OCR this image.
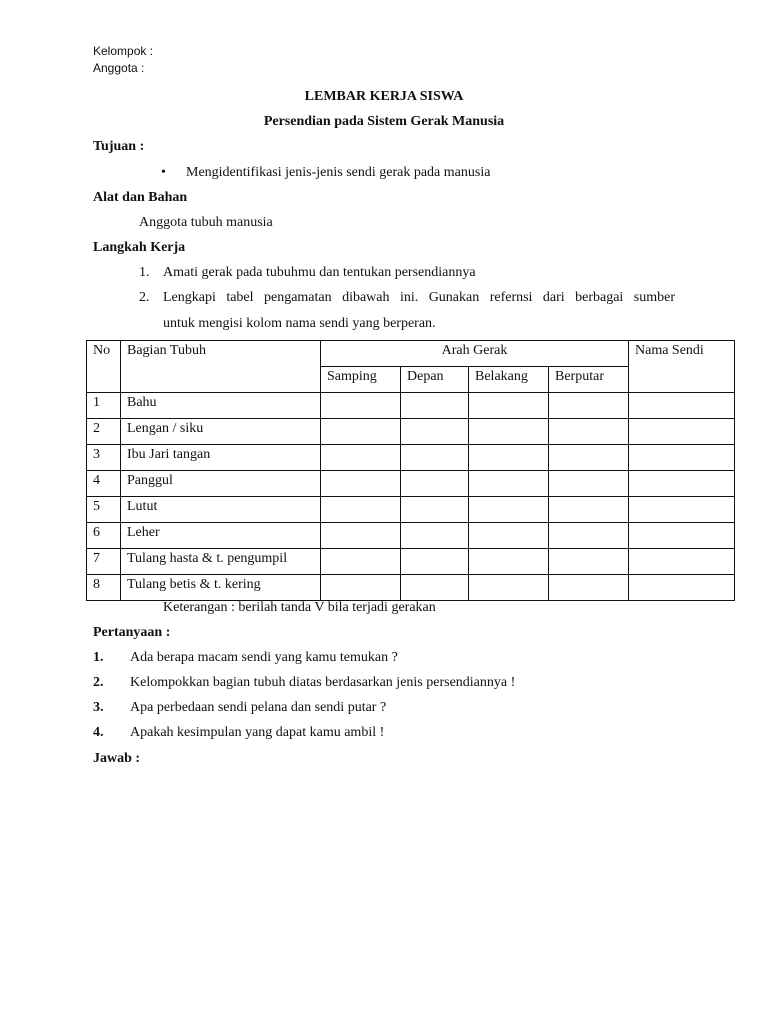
Kelompok :
Anggota :
LEMBAR KERJA SISWA
Persendian pada Sistem Gerak Manusia
Tujuan :
• Mengidentifikasi jenis-jenis sendi gerak pada manusia
Alat dan Bahan
Anggota tubuh manusia
Langkah Kerja
1. Amati gerak pada tubuhmu dan tentukan persendiannya
2. Lengkapi tabel pengamatan dibawah ini. Gunakan refernsi dari berbagai sumber
untuk mengisi kolom nama sendi yang berperan.
No	Bagian Tubuh	Arah Gerak				Nama Sendi
		Samping	Depan	Belakang	Berputar	
1	Bahu					
2	Lengan / siku					
3	Ibu Jari tangan					
4	Panggul					
5	Lutut					
6	Leher					
7	Tulang hasta & t. pengumpil					
8	Tulang betis & t. kering					
Keterangan : berilah tanda V bila terjadi gerakan
Pertanyaan :
1. Ada berapa macam sendi yang kamu temukan ?
2. Kelompokkan bagian tubuh diatas berdasarkan jenis persendiannya !
3. Apa perbedaan sendi pelana dan sendi putar ?
4. Apakah kesimpulan yang dapat kamu ambil !
Jawab :
